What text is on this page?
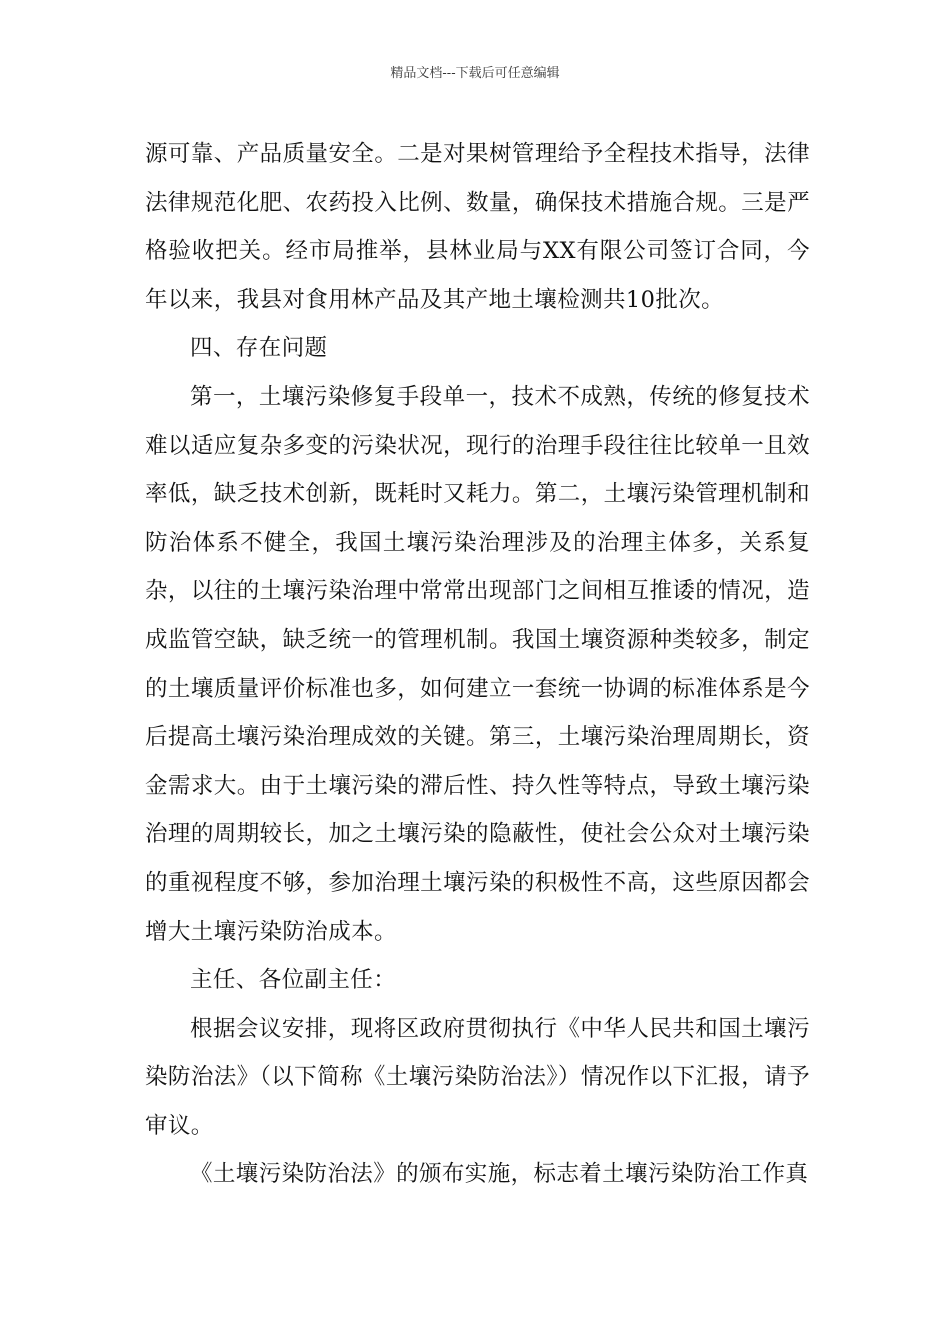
精品文档---下载后可任意编辑

源可靠、产品质量安全。二是对果树管理给予全程技术指导，法律法律规范化肥、农药投入比例、数量，确保技术措施合规。三是严格验收把关。经市局推举，县林业局与XX有限公司签订合同，今年以来，我县对食用林产品及其产地土壤检测共10批次。

四、存在问题

第一，土壤污染修复手段单一，技术不成熟，传统的修复技术难以适应复杂多变的污染状况，现行的治理手段往往比较单一且效率低，缺乏技术创新，既耗时又耗力。第二，土壤污染管理机制和防治体系不健全，我国土壤污染治理涉及的治理主体多，关系复杂，以往的土壤污染治理中常常出现部门之间相互推诿的情况，造成监管空缺，缺乏统一的管理机制。我国土壤资源种类较多，制定的土壤质量评价标准也多，如何建立一套统一协调的标准体系是今后提高土壤污染治理成效的关键。第三，土壤污染治理周期长，资金需求大。由于土壤污染的滞后性、持久性等特点，导致土壤污染治理的周期较长，加之土壤污染的隐蔽性，使社会公众对土壤污染的重视程度不够，参加治理土壤污染的积极性不高，这些原因都会增大土壤污染防治成本。

主任、各位副主任：

根据会议安排，现将区政府贯彻执行《中华人民共和国土壤污染防治法》（以下简称《土壤污染防治法》）情况作以下汇报，请予审议。

《土壤污染防治法》的颁布实施，标志着土壤污染防治工作真
